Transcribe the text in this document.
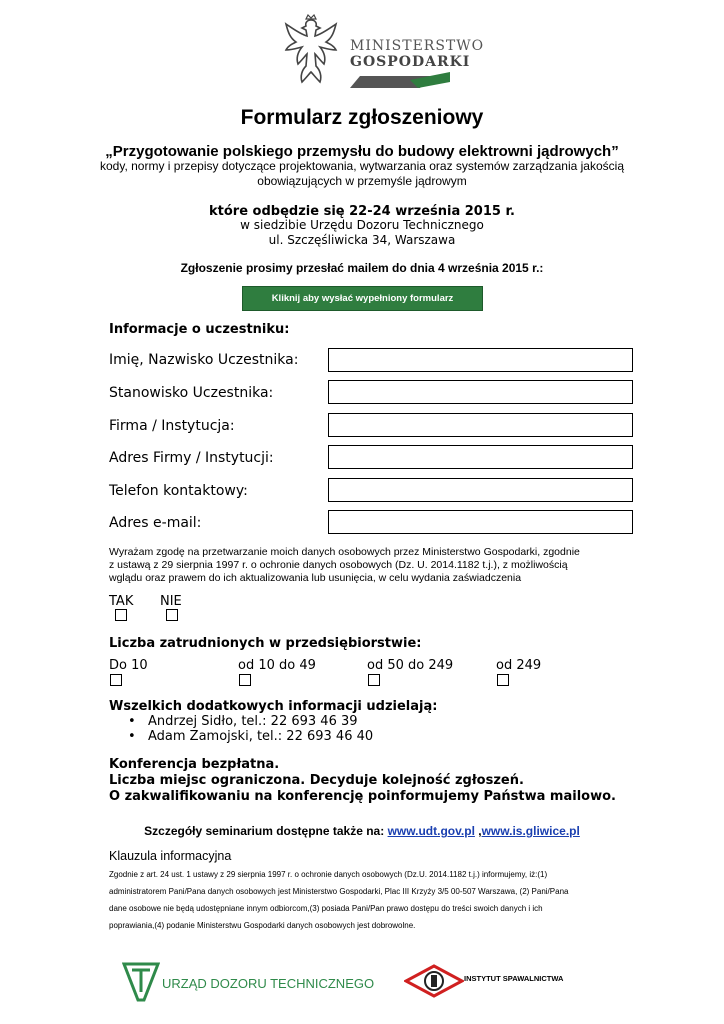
MINISTERSTWO
GOSPODARKI
Formularz zgłoszeniowy
„Przygotowanie polskiego przemysłu do budowy elektrowni jądrowych”
kody, normy i przepisy dotyczące projektowania, wytwarzania oraz systemów zarządzania jakością
obowiązujących w przemyśle jądrowym
które odbędzie się 22-24 września 2015 r.
w siedzibie Urzędu Dozoru Technicznego
ul. Szczęśliwicka 34, Warszawa
Zgłoszenie prosimy przesłać mailem do dnia 4 września 2015 r.:
Kliknij aby wysłać wypełniony formularz
Informacje o uczestniku:
Imię, Nazwisko Uczestnika:
Stanowisko Uczestnika:
Firma / Instytucja:
Adres Firmy / Instytucji:
Telefon kontaktowy:
Adres e-mail:
Wyrażam zgodę na przetwarzanie moich danych osobowych przez Ministerstwo Gospodarki, zgodnie
z ustawą z 29 sierpnia 1997 r. o ochronie danych osobowych (Dz. U. 2014.1182 t.j.), z możliwością
wglądu oraz prawem do ich aktualizowania lub usunięcia, w celu wydania zaświadczenia
TAK NIE
Liczba zatrudnionych w przedsiębiorstwie:
Do 10	od 10 do 49	od 50 do 249	od 249
Wszelkich dodatkowych informacji udzielają:
• Andrzej Sidło, tel.: 22 693 46 39
• Adam Zamojski, tel.: 22 693 46 40
Konferencja bezpłatna.
Liczba miejsc ograniczona. Decyduje kolejność zgłoszeń.
O zakwalifikowaniu na konferencję poinformujemy Państwa mailowo.
Szczegóły seminarium dostępne także na: www.udt.gov.pl ,www.is.gliwice.pl
Klauzula informacyjna
Zgodnie z art. 24 ust. 1 ustawy z 29 sierpnia 1997 r. o ochronie danych osobowych (Dz.U. 2014.1182 t.j.) informujemy, iż:(1)
administratorem Pani/Pana danych osobowych jest Ministerstwo Gospodarki, Plac III Krzyży 3/5 00-507 Warszawa, (2) Pani/Pana
dane osobowe nie będą udostępniane innym odbiorcom,(3) posiada Pani/Pan prawo dostępu do treści swoich danych i ich
poprawiania,(4) podanie Ministerstwu Gospodarki danych osobowych jest dobrowolne.
URZĄD DOZORU TECHNICZNEGO	INSTYTUT SPAWALNICTWA
